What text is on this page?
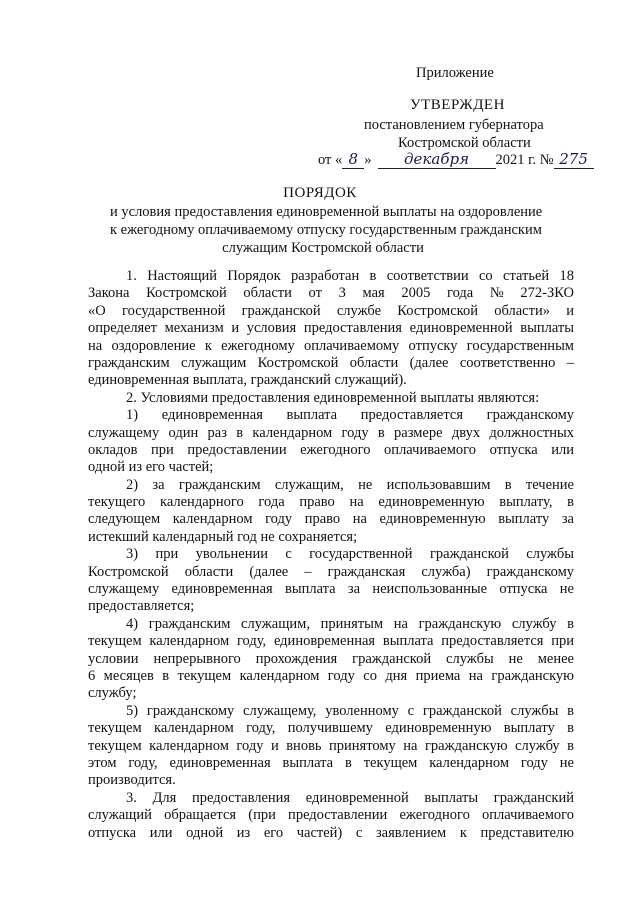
Приложение
УТВЕРЖДЕН
постановлением губернатора
Костромской области
от « 8 »	декабря	2021 г. № 275
ПОРЯДОК
и условия предоставления единовременной выплаты на оздоровление
к ежегодному оплачиваемому отпуску государственным гражданским
служащим Костромской области
1. Настоящий Порядок разработан в соответствии со статьей 18
Закона Костромской области от 3 мая 2005 года № 272-ЗКО
«О государственной гражданской службе Костромской области» и
определяет механизм и условия предоставления единовременной выплаты
на оздоровление к ежегодному оплачиваемому отпуску государственным
гражданским служащим Костромской области (далее соответственно –
единовременная выплата, гражданский служащий).
2. Условиями предоставления единовременной выплаты являются:
1) единовременная выплата предоставляется гражданскому
служащему один раз в календарном году в размере двух должностных
окладов при предоставлении ежегодного оплачиваемого отпуска или
одной из его частей;
2) за гражданским служащим, не использовавшим в течение
текущего календарного года право на единовременную выплату, в
следующем календарном году право на единовременную выплату за
истекший календарный год не сохраняется;
3) при увольнении с государственной гражданской службы
Костромской области (далее – гражданская служба) гражданскому
служащему единовременная выплата за неиспользованные отпуска не
предоставляется;
4) гражданским служащим, принятым на гражданскую службу в
текущем календарном году, единовременная выплата предоставляется при
условии непрерывного прохождения гражданской службы не менее
6 месяцев в текущем календарном году со дня приема на гражданскую
службу;
5) гражданскому служащему, уволенному с гражданской службы в
текущем календарном году, получившему единовременную выплату в
текущем календарном году и вновь принятому на гражданскую службу в
этом году, единовременная выплата в текущем календарном году не
производится.
3. Для предоставления единовременной выплаты гражданский
служащий обращается (при предоставлении ежегодного оплачиваемого
отпуска или одной из его частей) с заявлением к представителю
